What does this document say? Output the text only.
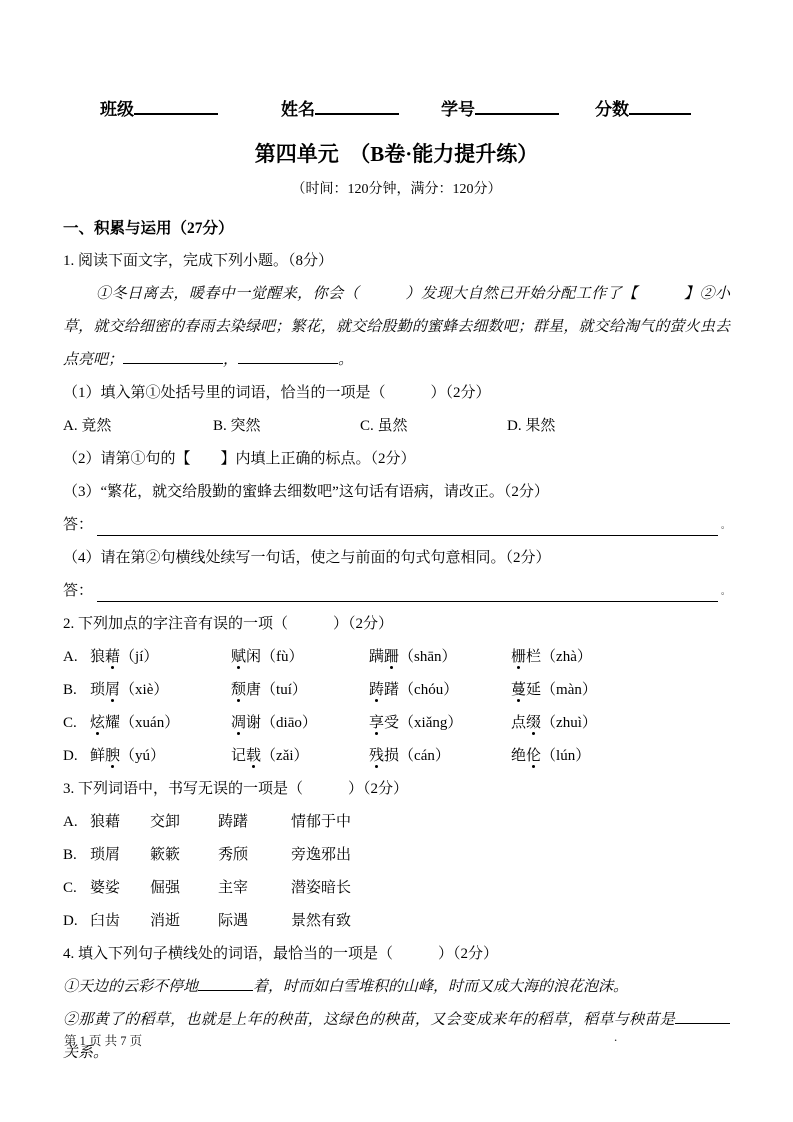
班级	姓名	学号	分数
第四单元　（B卷·能力提升练）
（时间：120分钟，满分：120分）
一、积累与运用（27分）
1. 阅读下面文字，完成下列小题。（8分）

①冬日离去，暖春中一觉醒来，你会（　　　）发现大自然已开始分配工作了【　　　】②小草，就交给细密的春雨去染绿吧；繁花，就交给殷勤的蜜蜂去细数吧；群星，就交给淘气的萤火虫去点亮吧；	，	。

（1）填入第①处括号里的词语，恰当的一项是（　　　）（2分）
A. 竟然	B. 突然	C. 虽然	D. 果然
（2）请第①句的【　　】内填上正确的标点。（2分）
（3）“繁花，就交给殷勤的蜜蜂去细数吧”这句话有语病，请改正。（2分）
答：	。
（4）请在第②句横线处续写一句话，使之与前面的句式句意相同。（2分）
答：	。
2. 下列加点的字注音有误的一项（　　　）（2分）
A. 狼藉（jí）	赋闲（fù）	蹒跚（shān）	栅栏（zhà）
B. 琐屑（xiè）	颓唐（tuí）	踌躇（chóu）	蔓延（màn）
C. 炫耀（xuán）	凋谢（diāo）	享受（xiǎng）	点缀（zhuì）
D. 鲜腴（yú）	记载（zǎi）	残损（cán）	绝伦（lún）
3. 下列词语中，书写无误的一项是（　　　）（2分）
A. 狼藉	交卸	踌躇	情郁于中
B. 琐屑	簌簌	秀颀	旁逸邪出
C. 婆娑	倔强	主宰	潜姿暗长
D. 臼齿	消逝	际遇	景然有致
4. 填入下列句子横线处的词语，最恰当的一项是（　　　）（2分）

①天边的云彩不停地	着，时而如白雪堆积的山峰，时而又成大海的浪花泡沫。

②那黄了的稻草，也就是上年的秧苗，这绿色的秧苗，又会变成来年的稻草，稻草与秧苗是关系。

第 1 页 共 7 页	.
